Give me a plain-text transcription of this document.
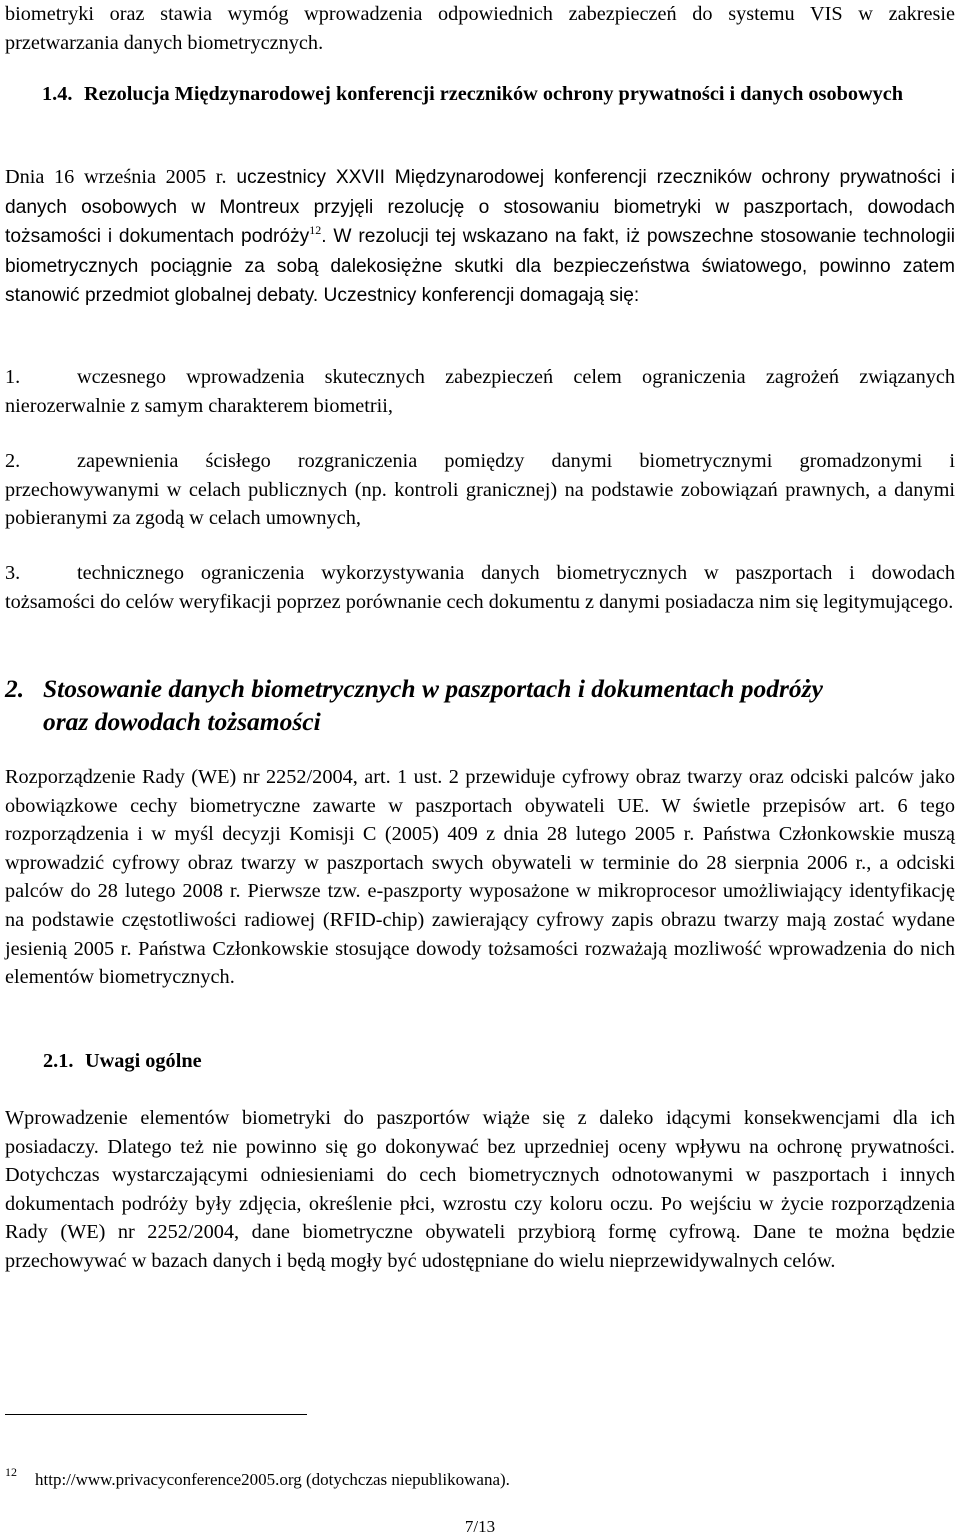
biometryki oraz stawia wymóg wprowadzenia odpowiednich zabezpieczeń do systemu VIS w zakresie przetwarzania danych biometrycznych.

1.4. Rezolucja Międzynarodowej konferencji rzeczników ochrony prywatności i danych osobowych

Dnia 16 września 2005 r. uczestnicy XXVII Międzynarodowej konferencji rzeczników ochrony prywatności i danych osobowych w Montreux przyjęli rezolucję o stosowaniu biometryki w paszportach, dowodach tożsamości i dokumentach podróży$^{12}$. W rezolucji tej wskazano na fakt, iż powszechne stosowanie technologii biometrycznych pociągnie za sobą dalekosiężne skutki dla bezpieczeństwa światowego, powinno zatem stanowić przedmiot globalnej debaty. Uczestnicy konferencji domagają się:

1.	wczesnego wprowadzenia skutecznych zabezpieczeń celem ograniczenia zagrożeń związanych nierozerwalnie z samym charakterem biometrii,

2.	zapewnienia ścisłego rozgraniczenia pomiędzy danymi biometrycznymi gromadzonymi i przechowywanymi w celach publicznych (np. kontroli granicznej) na podstawie zobowiązań prawnych, a danymi pobieranymi za zgodą w celach umownych,

3.	technicznego ograniczenia wykorzystywania danych biometrycznych w paszportach i dowodach tożsamości do celów weryfikacji poprzez porównanie cech dokumentu z danymi posiadacza nim się legitymującego.

2. Stosowanie danych biometrycznych w paszportach i dokumentach podróży
oraz dowodach tożsamości

Rozporządzenie Rady (WE) nr 2252/2004, art. 1 ust. 2 przewiduje cyfrowy obraz twarzy oraz odciski palców jako obowiązkowe cechy biometryczne zawarte w paszportach obywateli UE. W świetle przepisów art. 6 tego rozporządzenia i w myśl decyzji Komisji C (2005) 409 z dnia 28 lutego 2005 r. Państwa Członkowskie muszą wprowadzić cyfrowy obraz twarzy w paszportach swych obywateli w terminie do 28 sierpnia 2006 r., a odciski palców do 28 lutego 2008 r. Pierwsze tzw. e-paszporty wyposażone w mikroprocesor umożliwiający identyfikację na podstawie częstotliwości radiowej (RFID-chip) zawierający cyfrowy zapis obrazu twarzy mają zostać wydane jesienią 2005 r. Państwa Członkowskie stosujące dowody tożsamości rozważają mozliwość wprowadzenia do nich elementów biometrycznych.

2.1. Uwagi ogólne

Wprowadzenie elementów biometryki do paszportów wiąże się z daleko idącymi konsekwencjami dla ich posiadaczy. Dlatego też nie powinno się go dokonywać bez uprzedniej oceny wpływu na ochronę prywatności. Dotychczas wystarczającymi odniesieniami do cech biometrycznych odnotowanymi w paszportach i innych dokumentach podróży były zdjęcia, określenie płci, wzrostu czy koloru oczu. Po wejściu w życie rozporządzenia Rady (WE) nr 2252/2004, dane biometryczne obywateli przybiorą formę cyfrową. Dane te można będzie przechowywać w bazach danych i będą mogły być udostępniane do wielu nieprzewidywalnych celów.

12 http://www.privacyconference2005.org (dotychczas niepublikowana).
7/13
